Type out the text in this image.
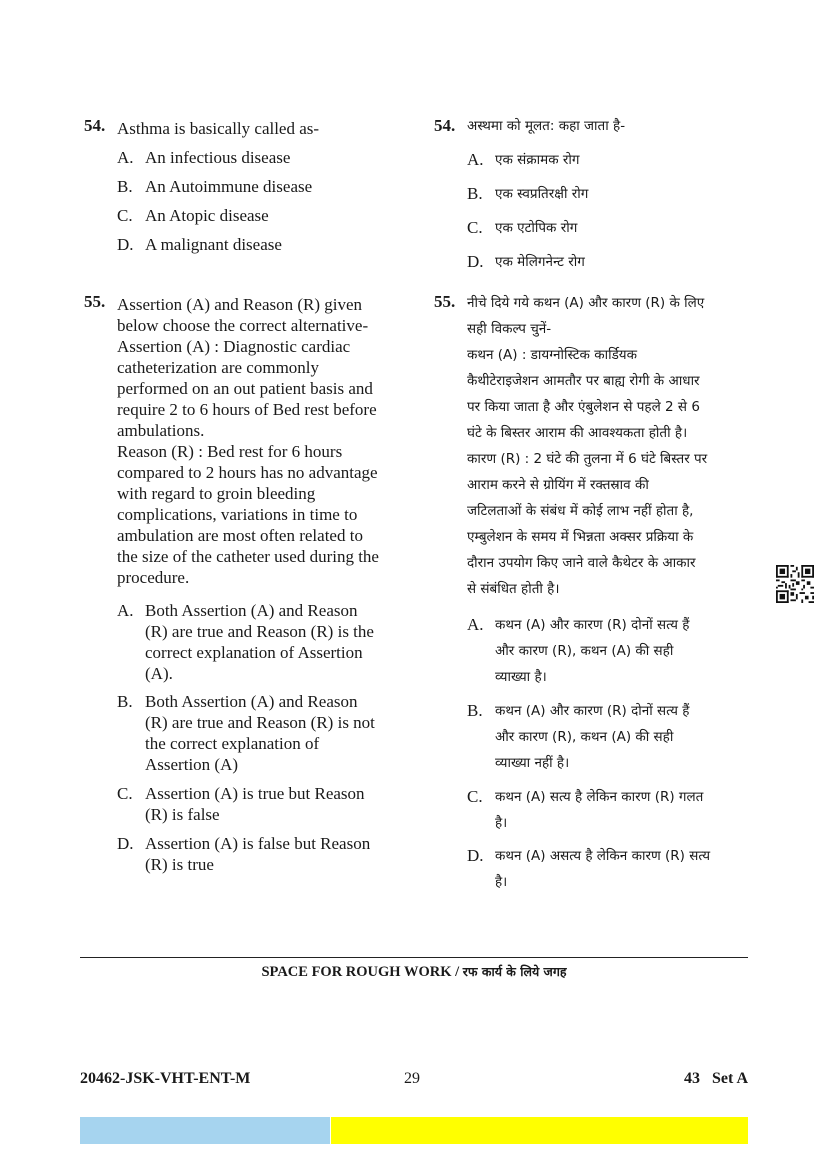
54. Asthma is basically called as-
A. An infectious disease
B. An Autoimmune disease
C. An Atopic disease
D. A malignant disease
55. Assertion (A) and Reason (R) given
below choose the correct alternative-
Assertion (A) : Diagnostic cardiac
catheterization are commonly
performed on an out patient basis and
require 2 to 6 hours of Bed rest before
ambulations.
Reason (R) : Bed rest for 6 hours
compared to 2 hours has no advantage
with regard to groin bleeding
complications, variations in time to
ambulation are most often related to
the size of the catheter used during the
procedure.
A. Both Assertion (A) and Reason
(R) are true and Reason (R) is the
correct explanation of Assertion
(A).
B. Both Assertion (A) and Reason
(R) are true and Reason (R) is not
the correct explanation of
Assertion (A)
C. Assertion (A) is true but Reason
(R) is false
D. Assertion (A) is false but Reason
(R) is true
54. अस्थमा को मूलत: कहा जाता है-
A. एक संक्रामक रोग
B. एक स्वप्रतिरक्षी रोग
C. एक एटोपिक रोग
D. एक मेलिगनेन्ट रोग
55. नीचे दिये गये कथन (A) और कारण (R) के लिए
सही विकल्प चुनें-
कथन (A) : डायग्नोस्टिक कार्डियक
कैथीटेराइजेशन आमतौर पर बाह्य रोगी के आधार
पर किया जाता है और एंबुलेशन से पहले 2 से 6
घंटे के बिस्तर आराम की आवश्यकता होती है।
कारण (R) : 2 घंटे की तुलना में 6 घंटे बिस्तर पर
आराम करने से ग्रोयिंग में रक्तस्राव की
जटिलताओं के संबंध में कोई लाभ नहीं होता है,
एम्बुलेशन के समय में भिन्नता अक्सर प्रक्रिया के
दौरान उपयोग किए जाने वाले कैथेटर के आकार
से संबंधित होती है।
A. कथन (A) और कारण (R) दोनों सत्य हैं
और कारण (R), कथन (A) की सही
व्याख्या है।
B. कथन (A) और कारण (R) दोनों सत्य हैं
और कारण (R), कथन (A) की सही
व्याख्या नहीं है।
C. कथन (A) सत्य है लेकिन कारण (R) गलत
है।
D. कथन (A) असत्य है लेकिन कारण (R) सत्य
है।
SPACE FOR ROUGH WORK / रफ कार्य के लिये जगह
20462-JSK-VHT-ENT-M	29	43   Set A
